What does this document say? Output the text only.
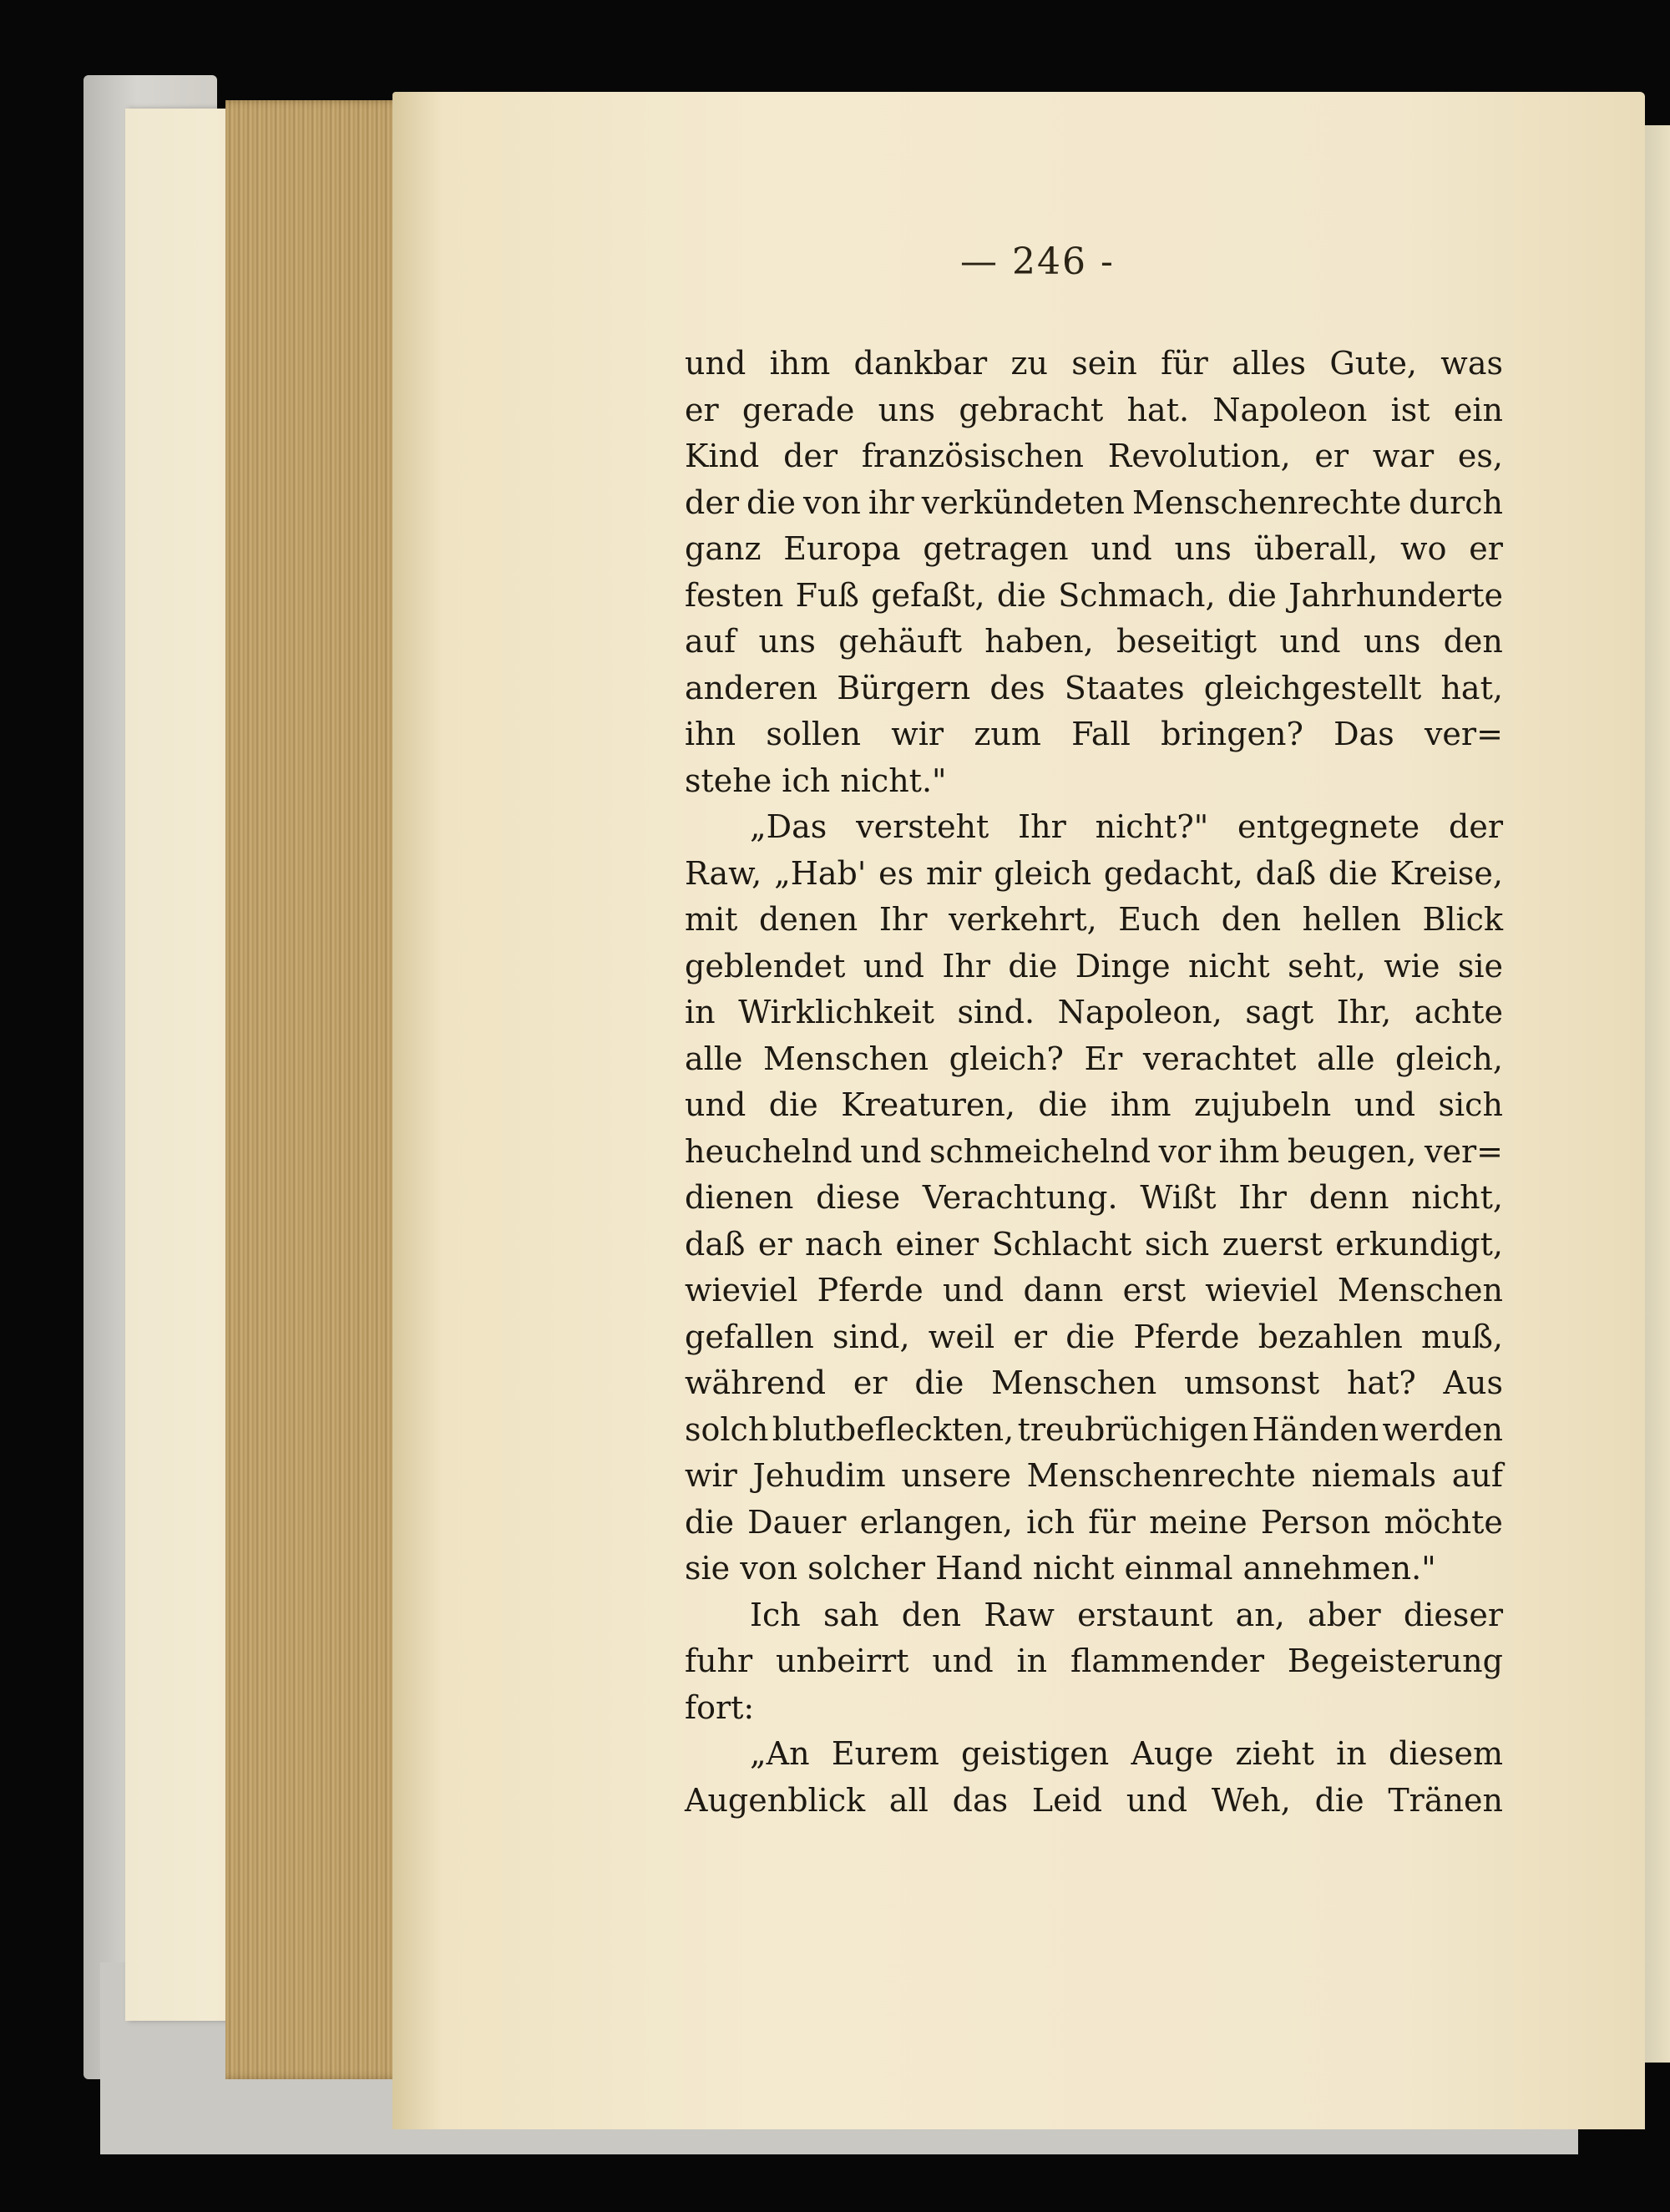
— 246 -
und ihm dankbar zu sein für alles Gute, was
er gerade uns gebracht hat. Napoleon ist ein
Kind der französischen Revolution, er war es,
der die von ihr verkündeten Menschenrechte durch
ganz Europa getragen und uns überall, wo er
festen Fuß gefaßt, die Schmach, die Jahrhunderte
auf uns gehäuft haben, beseitigt und uns den
anderen Bürgern des Staates gleichgestellt hat,
ihn sollen wir zum Fall bringen? Das ver=
stehe ich nicht."
„Das versteht Ihr nicht?" entgegnete der
Raw, „Hab' es mir gleich gedacht, daß die Kreise,
mit denen Ihr verkehrt, Euch den hellen Blick
geblendet und Ihr die Dinge nicht seht, wie sie
in Wirklichkeit sind. Napoleon, sagt Ihr, achte
alle Menschen gleich? Er verachtet alle gleich,
und die Kreaturen, die ihm zujubeln und sich
heuchelnd und schmeichelnd vor ihm beugen, ver=
dienen diese Verachtung. Wißt Ihr denn nicht,
daß er nach einer Schlacht sich zuerst erkundigt,
wieviel Pferde und dann erst wieviel Menschen
gefallen sind, weil er die Pferde bezahlen muß,
während er die Menschen umsonst hat? Aus
solch blutbefleckten, treubrüchigen Händen werden
wir Jehudim unsere Menschenrechte niemals auf
die Dauer erlangen, ich für meine Person möchte
sie von solcher Hand nicht einmal annehmen."
Ich sah den Raw erstaunt an, aber dieser
fuhr unbeirrt und in flammender Begeisterung
fort:
„An Eurem geistigen Auge zieht in diesem
Augenblick all das Leid und Weh, die Tränen
